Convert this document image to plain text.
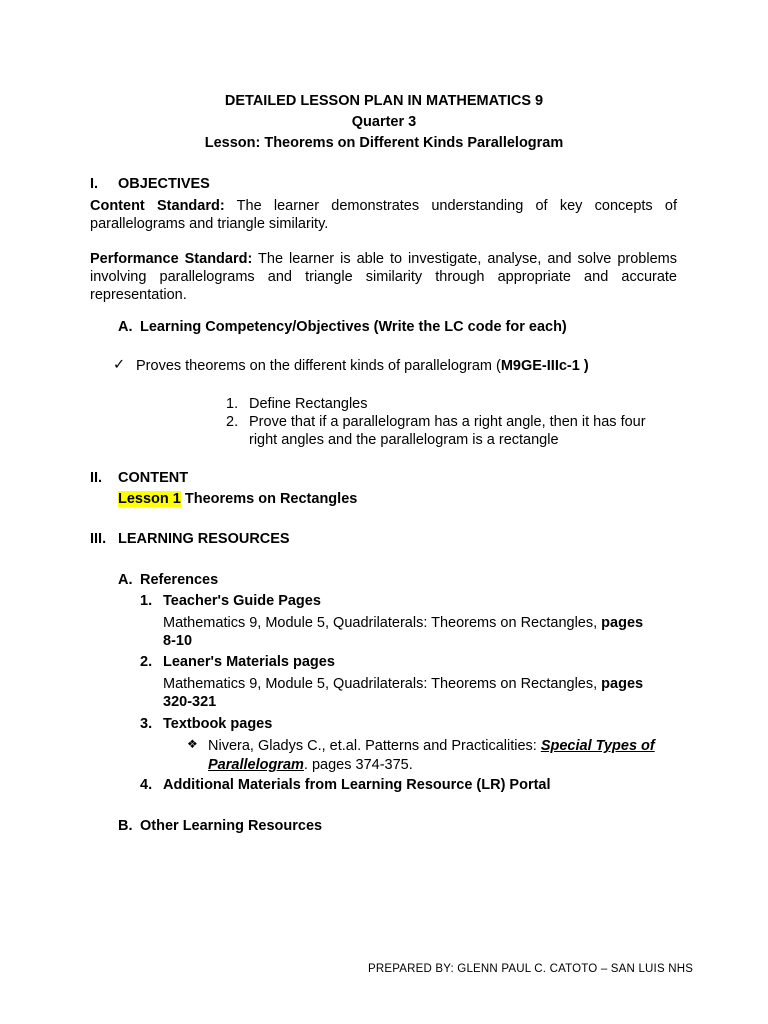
DETAILED LESSON PLAN IN MATHEMATICS 9
Quarter 3
Lesson: Theorems on Different Kinds Parallelogram
I. OBJECTIVES
Content Standard: The learner demonstrates understanding of key concepts of parallelograms and triangle similarity.
Performance Standard: The learner is able to investigate, analyse, and solve problems involving parallelograms and triangle similarity through appropriate and accurate representation.
A. Learning Competency/Objectives (Write the LC code for each)
✓ Proves theorems on the different kinds of parallelogram (M9GE-IIIc-1 )
1. Define Rectangles
2. Prove that if a parallelogram has a right angle, then it has four
right angles and the parallelogram is a rectangle
II. CONTENT
Lesson 1 Theorems on Rectangles
III. LEARNING RESOURCES
A. References
1. Teacher's Guide Pages
Mathematics 9, Module 5, Quadrilaterals: Theorems on Rectangles, pages
8-10
2. Leaner's Materials pages
Mathematics 9, Module 5, Quadrilaterals: Theorems on Rectangles, pages
320-321
3. Textbook pages
❖ Nivera, Gladys C., et.al. Patterns and Practicalities: Special Types of
Parallelogram. pages 374-375.
4. Additional Materials from Learning Resource (LR) Portal
B. Other Learning Resources
PREPARED BY: GLENN PAUL C. CATOTO – SAN LUIS NHS
